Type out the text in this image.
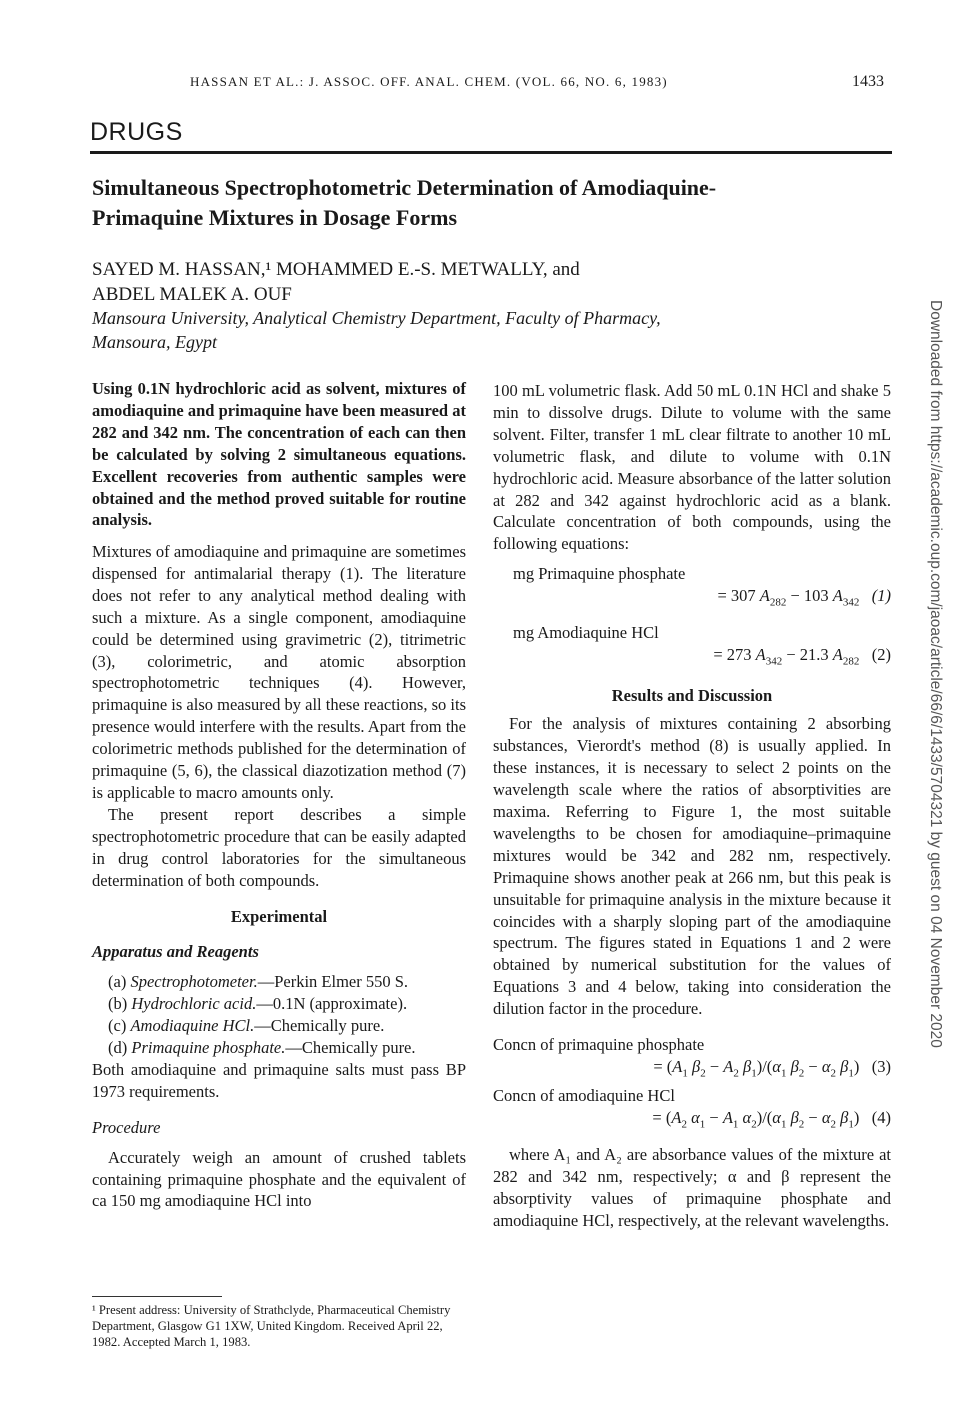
HASSAN ET AL.: J. ASSOC. OFF. ANAL. CHEM. (VOL. 66, NO. 6, 1983)	1433
DRUGS
Simultaneous Spectrophotometric Determination of Amodiaquine-
Primaquine Mixtures in Dosage Forms
SAYED M. HASSAN,¹ MOHAMMED E.-S. METWALLY, and
ABDEL MALEK A. OUF
Mansoura University, Analytical Chemistry Department, Faculty of Pharmacy,
Mansoura, Egypt
Using 0.1N hydrochloric acid as solvent, mixtures of amodiaquine and primaquine have been measured at 282 and 342 nm. The concentration of each can then be calculated by solving 2 simultaneous equations. Excellent recoveries from authentic samples were obtained and the method proved suitable for routine analysis.

Mixtures of amodiaquine and primaquine are sometimes dispensed for antimalarial therapy (1). The literature does not refer to any analytical method dealing with such a mixture. As a single component, amodiaquine could be determined using gravimetric (2), titrimetric (3), colorimetric, and atomic absorption spectrophotometric techniques (4). However, primaquine is also measured by all these reactions, so its presence would interfere with the results. Apart from the colorimetric methods published for the determination of primaquine (5, 6), the classical diazotization method (7) is applicable to macro amounts only.

The present report describes a simple spectrophotometric procedure that can be easily adapted in drug control laboratories for the simultaneous determination of both compounds.

Experimental

Apparatus and Reagents

(a) Spectrophotometer.—Perkin Elmer 550 S.

(b) Hydrochloric acid.—0.1N (approximate).

(c) Amodiaquine HCl.—Chemically pure.

(d) Primaquine phosphate.—Chemically pure.

Both amodiaquine and primaquine salts must pass BP 1973 requirements.

Procedure

Accurately weigh an amount of crushed tablets containing primaquine phosphate and the equivalent of ca 150 mg amodiaquine HCl into

¹ Present address: University of Strathclyde, Pharmaceutical Chemistry Department, Glasgow G1 1XW, United Kingdom. Received April 22, 1982. Accepted March 1, 1983.

100 mL volumetric flask. Add 50 mL 0.1N HCl and shake 5 min to dissolve drugs. Dilute to volume with the same solvent. Filter, transfer 1 mL clear filtrate to another 10 mL volumetric flask, and dilute to volume with 0.1N hydrochloric acid. Measure absorbance of the latter solution at 282 and 342 against hydrochloric acid as a blank. Calculate concentration of both compounds, using the following equations:

mg Primaquine phosphate

= 307 $A_{282} - 103$ $A_{342}$ (1)

mg Amodiaquine HCl

= 273 $A_{342} - 21.3$ $A_{282}$ (2)

Results and Discussion

For the analysis of mixtures containing 2 absorbing substances, Vierordt's method (8) is usually applied. In these instances, it is necessary to select 2 points on the wavelength scale where the ratios of absorptivities are maxima. Referring to Figure 1, the most suitable wavelengths to be chosen for amodiaquine–primaquine mixtures would be 342 and 282 nm, respectively. Primaquine shows another peak at 266 nm, but this peak is unsuitable for primaquine analysis in the mixture because it coincides with a sharply sloping part of the amodiaquine spectrum. The figures stated in Equations 1 and 2 were obtained by numerical substitution for the values of Equations 3 and 4 below, taking into consideration the dilution factor in the procedure.

Concn of primaquine phosphate

= ($A_1$ $\beta_2 - A_2$ $\beta_1)/(\alpha_1$ $\beta_2 - \alpha_2$ $\beta_1$)   (3)

Concn of amodiaquine HCl

= ($A_2$ $\alpha_1 - A_1$ $\alpha_2)/(\alpha_1$ $\beta_2 - \alpha_2$ $\beta_1$)   (4)

where A₁ and A₂ are absorbance values of the mixture at 282 and 342 nm, respectively; α and β represent the absorptivity values of primaquine phosphate and amodiaquine HCl, respectively, at the relevant wavelengths.

Downloaded from https://academic.oup.com/jaoac/article/66/6/1433/5704321 by guest on 04 November 2020
